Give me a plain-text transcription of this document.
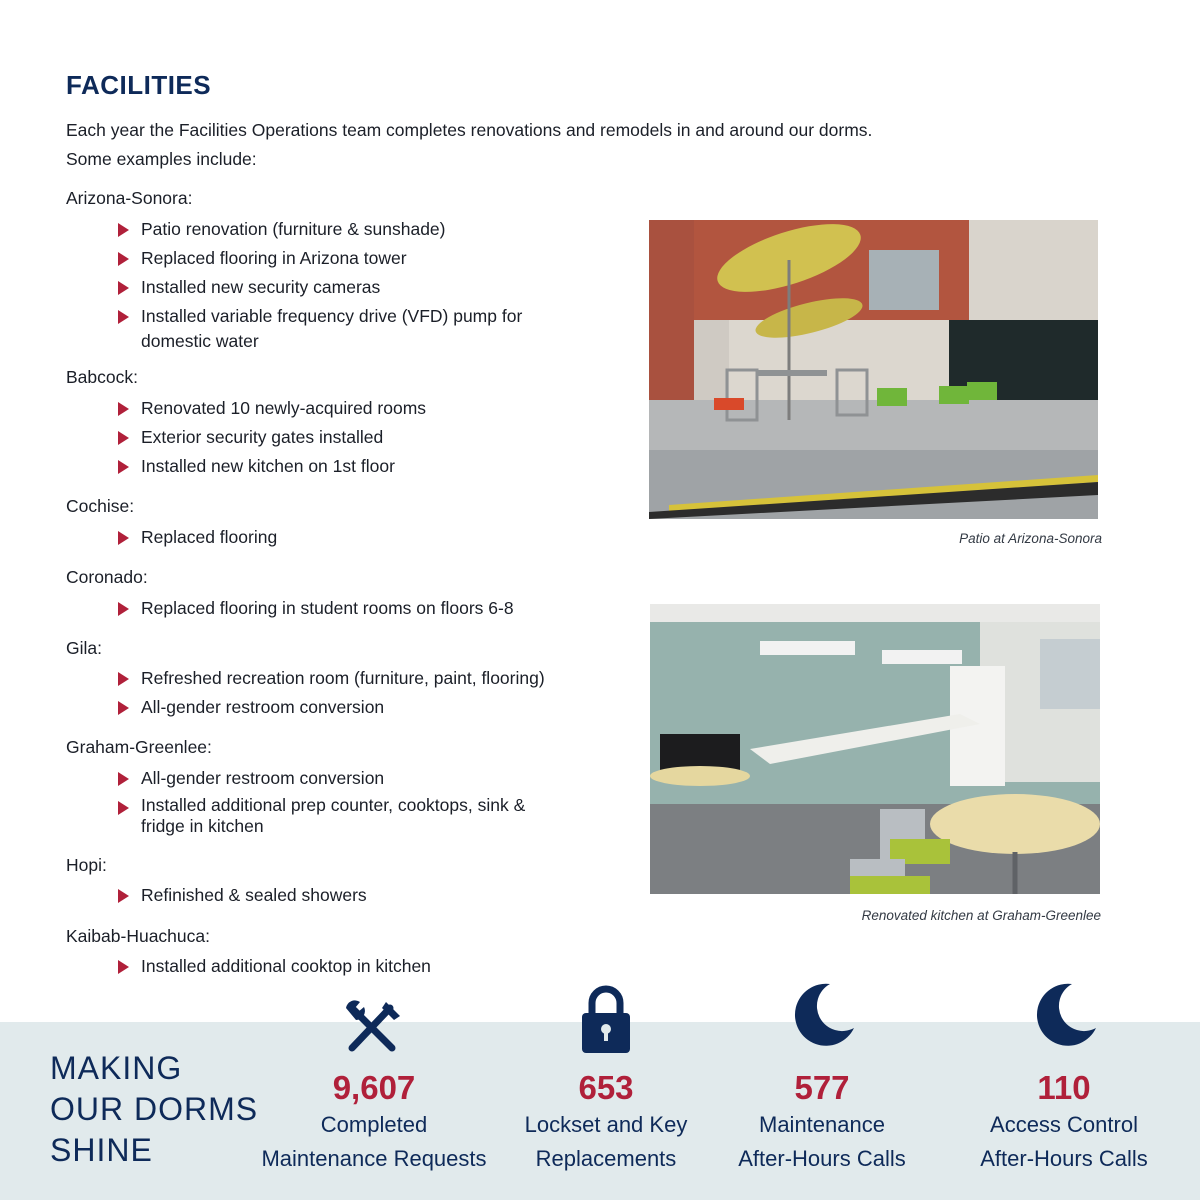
FACILITIES
Each year the Facilities Operations team completes renovations and remodels in and around our dorms.
Some examples include:
Arizona-Sonora:
Patio renovation (furniture & sunshade)
Replaced flooring in Arizona tower
Installed new security cameras
Installed variable frequency drive (VFD) pump for domestic water
Babcock:
Renovated 10 newly-acquired rooms
Exterior security gates installed
Installed new kitchen on 1st floor
Cochise:
Replaced flooring
Coronado:
Replaced flooring in student rooms on floors 6-8
Gila:
Refreshed recreation room (furniture, paint, flooring)
All-gender restroom conversion
Graham-Greenlee:
All-gender restroom conversion
Installed additional prep counter, cooktops, sink & fridge in kitchen
Hopi:
Refinished & sealed showers
Kaibab-Huachuca:
Installed additional cooktop in kitchen
Patio at Arizona-Sonora
Renovated kitchen at Graham-Greenlee
MAKING
OUR DORMS
SHINE
9,607
Completed
Maintenance Requests
653
Lockset and Key
Replacements
577
Maintenance
After-Hours Calls
110
Access Control
After-Hours Calls
